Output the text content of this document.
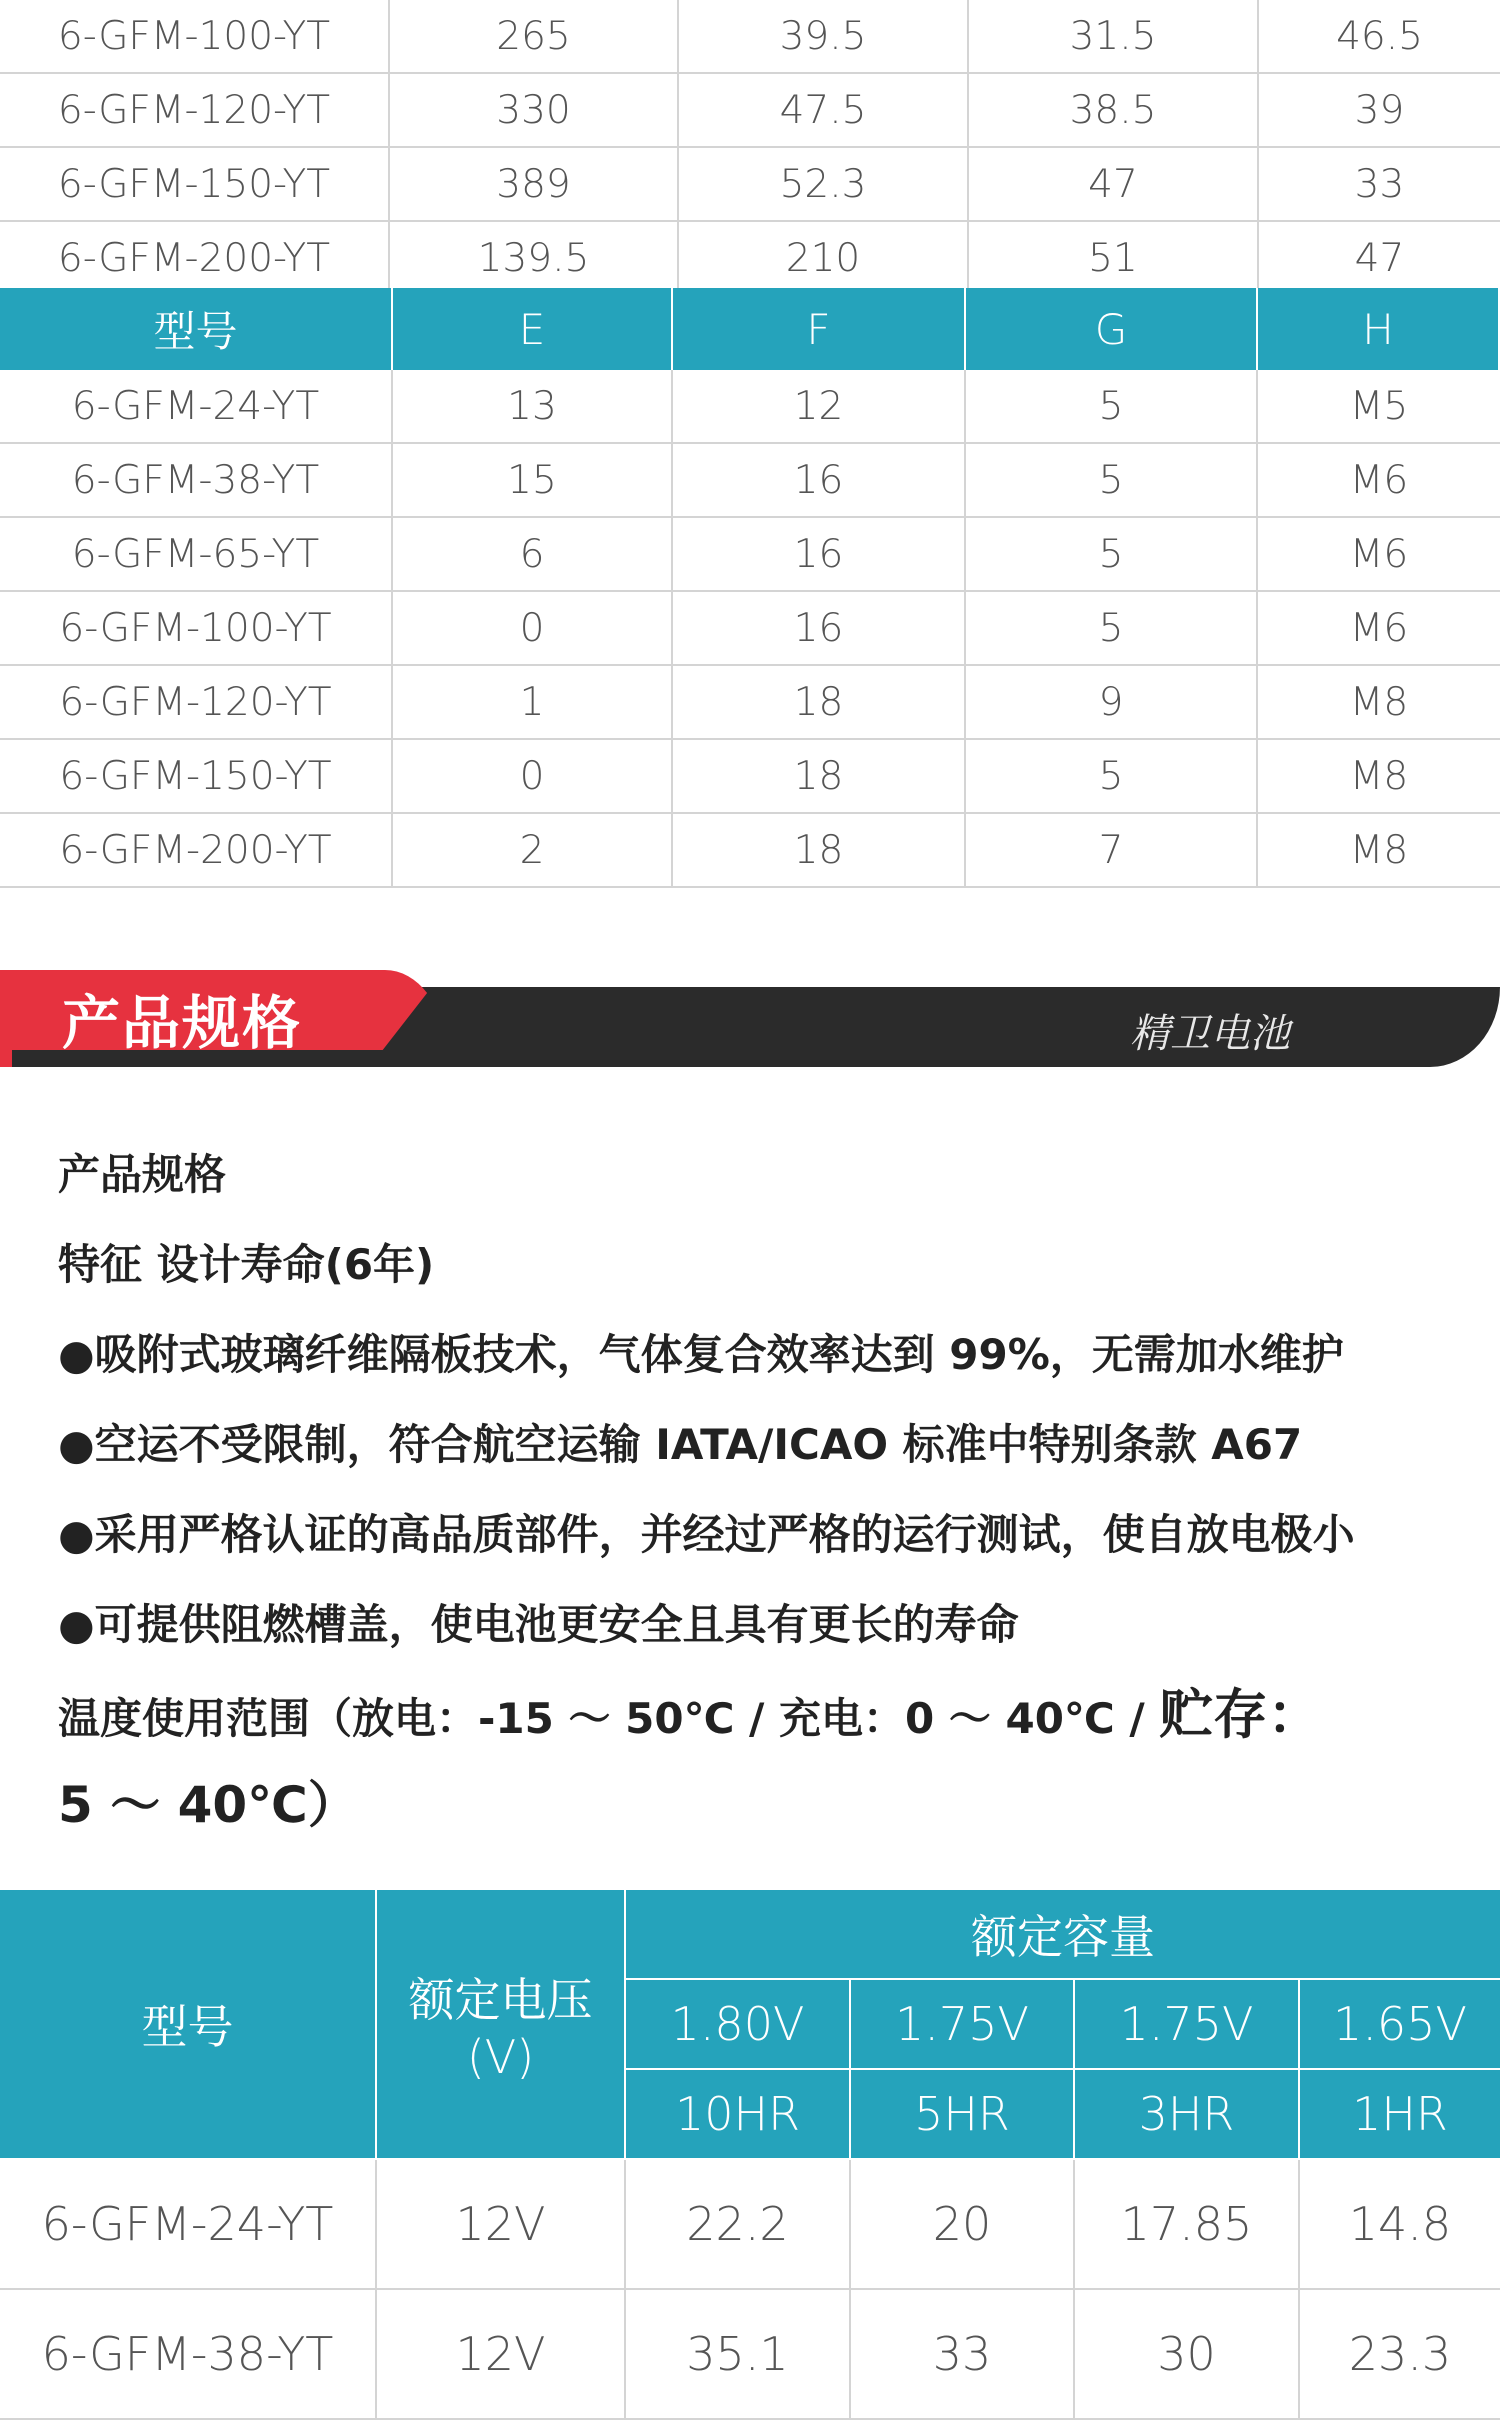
6-GFM-100-YT	265	39.5	31.5	46.5
6-GFM-120-YT	330	47.5	38.5	39
6-GFM-150-YT	389	52.3	47	33
6-GFM-200-YT	139.5	210	51	47
型号	E	F	G	H
6-GFM-24-YT	13	12	5	M5
6-GFM-38-YT	15	16	5	M6
6-GFM-65-YT	6	16	5	M6
6-GFM-100-YT	0	16	5	M6
6-GFM-120-YT	1	18	9	M8
6-GFM-150-YT	0	18	5	M8
6-GFM-200-YT	2	18	7	M8
产品规格	精卫电池
产品规格
特征 设计寿命(6年)
●吸附式玻璃纤维隔板技术，气体复合效率达到 99%，无需加水维护
●空运不受限制，符合航空运输 IATA/ICAO 标准中特别条款 A67
●采用严格认证的高品质部件，并经过严格的运行测试，使自放电极小
●可提供阻燃槽盖，使电池更安全且具有更长的寿命
温度使用范围（放电：-15 ～ 50℃ / 充电：0 ～ 40℃ / 贮存：
5 ～ 40℃）
型号	额定电压(V)
额定容量
1.80V	1.75V	1.75V	1.65V
10HR	5HR	3HR	1HR
6-GFM-24-YT	12V	22.2	20	17.85	14.8
6-GFM-38-YT	12V	35.1	33	30	23.3
